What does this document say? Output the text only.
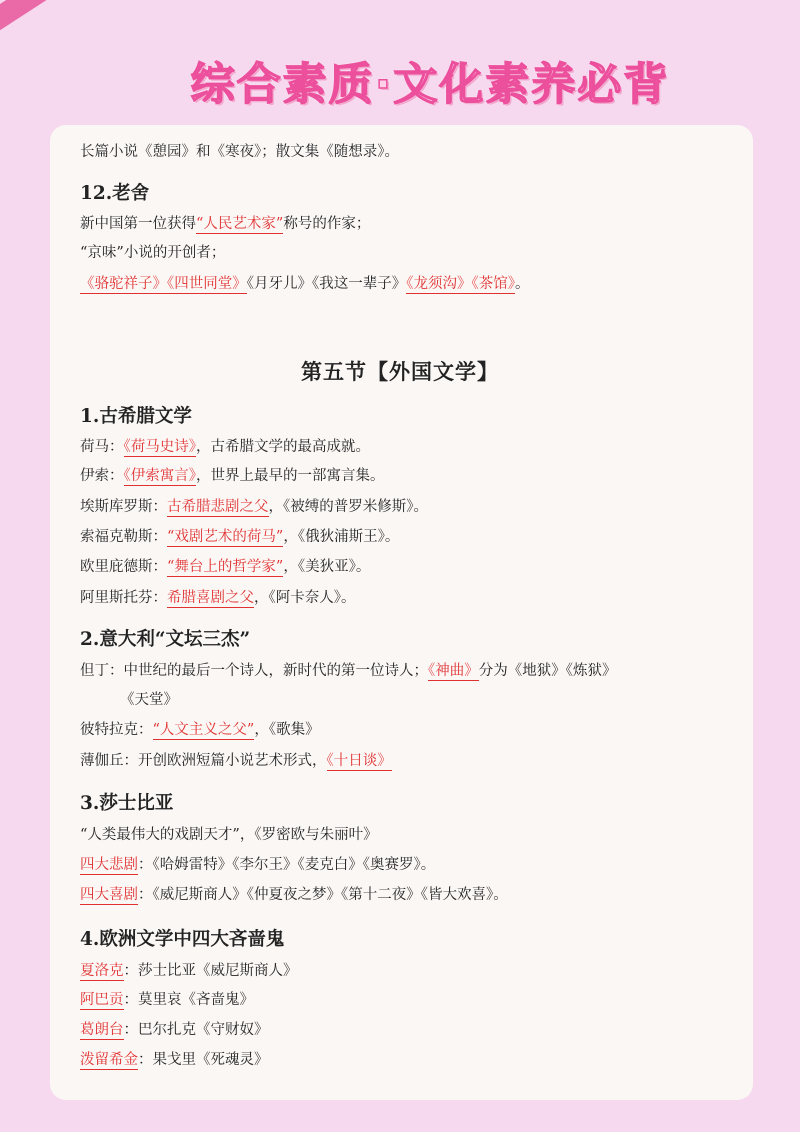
综合素质·文化素养必背
长篇小说《憩园》和《寒夜》；散文集《随想录》。
12.老舍
新中国第一位获得“人民艺术家”称号的作家；
“京味”小说的开创者；
《骆驼祥子》《四世同堂》《月牙儿》《我这一辈子》《龙须沟》《茶馆》。
第五节【外国文学】
1.古希腊文学
荷马：《荷马史诗》，古希腊文学的最高成就。
伊索：《伊索寓言》，世界上最早的一部寓言集。
埃斯库罗斯：古希腊悲剧之父，《被缚的普罗米修斯》。
索福克勒斯：“戏剧艺术的荷马”，《俄狄浦斯王》。
欧里庇德斯：“舞台上的哲学家”，《美狄亚》。
阿里斯托芬：希腊喜剧之父，《阿卡奈人》。
2.意大利“文坛三杰”
但丁：中世纪的最后一个诗人，新时代的第一位诗人；《神曲》分为《地狱》《炼狱》
《天堂》
彼特拉克：“人文主义之父”，《歌集》
薄伽丘：开创欧洲短篇小说艺术形式，《十日谈》
3.莎士比亚
“人类最伟大的戏剧天才”，《罗密欧与朱丽叶》
四大悲剧：《哈姆雷特》《李尔王》《麦克白》《奥赛罗》。
四大喜剧：《威尼斯商人》《仲夏夜之梦》《第十二夜》《皆大欢喜》。
4.欧洲文学中四大吝啬鬼
夏洛克：莎士比亚《威尼斯商人》
阿巴贡：莫里哀《吝啬鬼》
葛朗台：巴尔扎克《守财奴》
泼留希金：果戈里《死魂灵》
